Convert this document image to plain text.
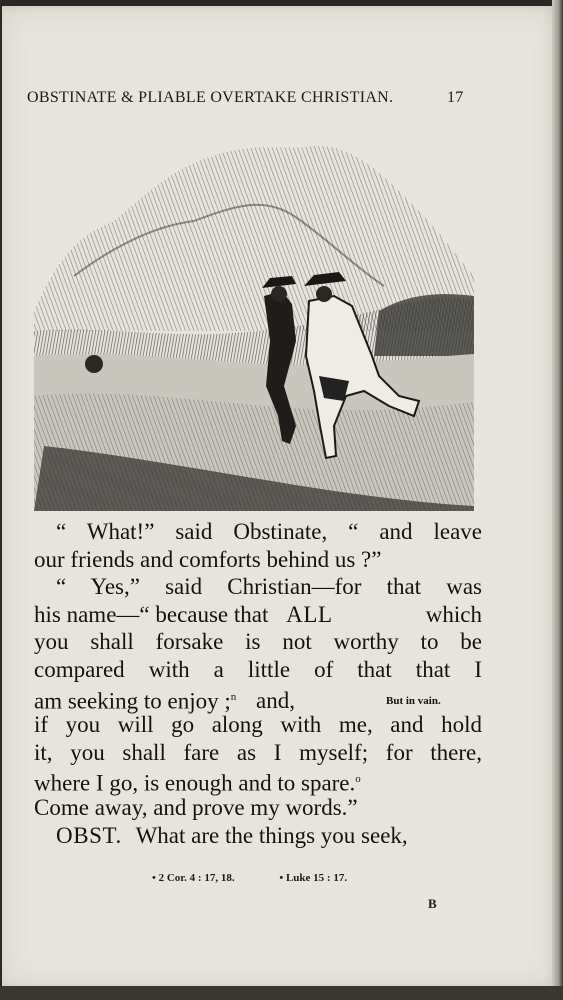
OBSTINATE & PLIABLE OVERTAKE CHRISTIAN.	17
“ What!” said Obstinate, “ and leave
our friends and comforts behind us ?”
“ Yes,” said Christian—for that was
his name—“ because that ALL	which
you shall forsake is not worthy to be
compared with a little of that that I
am seeking to enjoy ;$^n$ and,	But in vain.
if you will go along with me, and hold
it, you shall fare as I myself; for there,
where I go, is enough and to spare.$^o$
Come away, and prove my words.”
OBST. What are the things you seek,
• 2 Cor. 4 : 17, 18.	• Luke 15 : 17.
B
